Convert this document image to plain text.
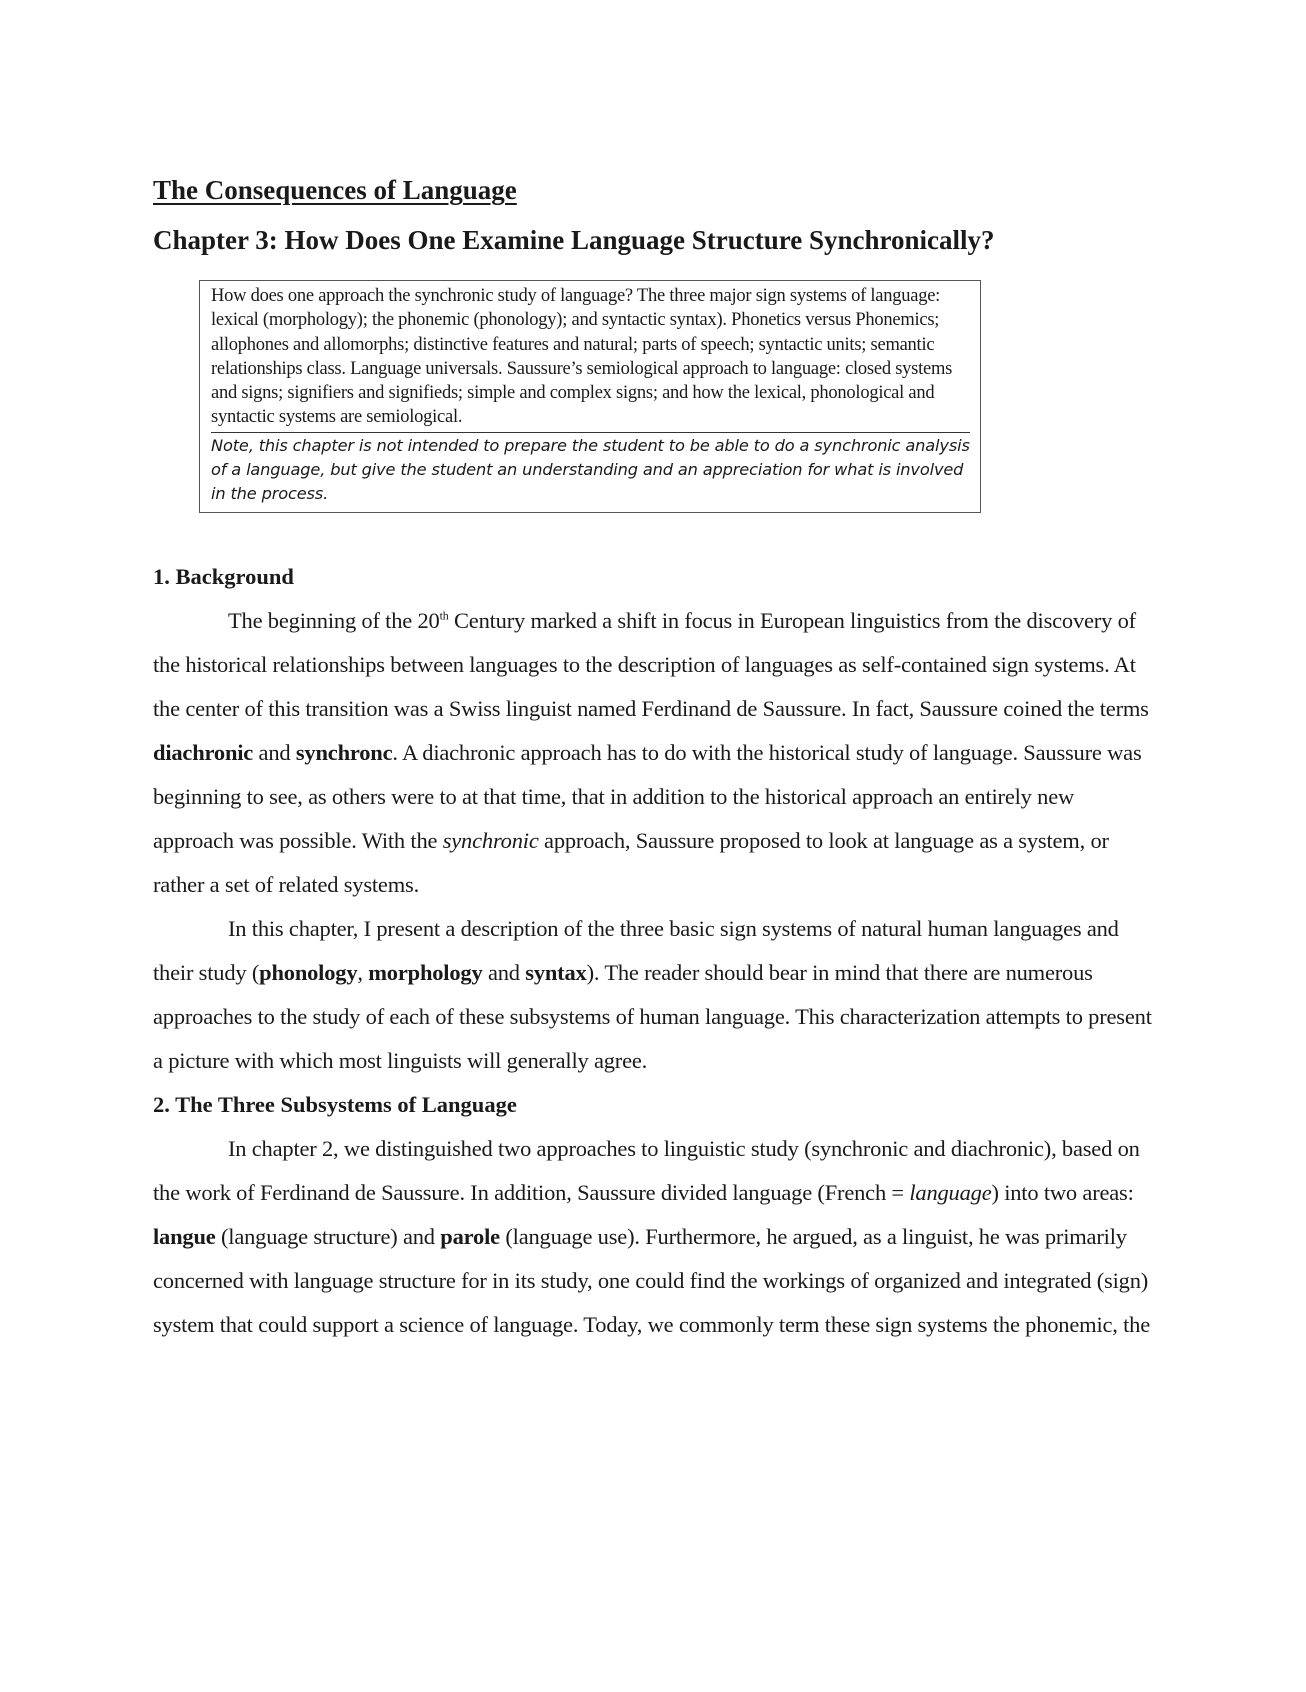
The Consequences of Language
Chapter 3: How Does One Examine Language Structure Synchronically?

How does one approach the synchronic study of language? The three major sign systems of language: lexical (morphology); the phonemic (phonology); and syntactic syntax). Phonetics versus Phonemics; allophones and allomorphs; distinctive features and natural; parts of speech; syntactic units; semantic relationships class. Language universals. Saussure’s semiological approach to language: closed systems and signs; signifiers and signifieds; simple and complex signs; and how the lexical, phonological and syntactic systems are semiological.

Note, this chapter is not intended to prepare the student to be able to do a synchronic analysis of a language, but give the student an understanding and an appreciation for what is involved in the process.

1. Background

The beginning of the 20th Century marked a shift in focus in European linguistics from the discovery of the historical relationships between languages to the description of languages as self-contained sign systems. At the center of this transition was a Swiss linguist named Ferdinand de Saussure. In fact, Saussure coined the terms diachronic and synchronc. A diachronic approach has to do with the historical study of language. Saussure was beginning to see, as others were to at that time, that in addition to the historical approach an entirely new approach was possible. With the synchronic approach, Saussure proposed to look at language as a system, or rather a set of related systems.

In this chapter, I present a description of the three basic sign systems of natural human languages and their study (phonology, morphology and syntax). The reader should bear in mind that there are numerous approaches to the study of each of these subsystems of human language. This characterization attempts to present a picture with which most linguists will generally agree.

2. The Three Subsystems of Language

In chapter 2, we distinguished two approaches to linguistic study (synchronic and diachronic), based on the work of Ferdinand de Saussure. In addition, Saussure divided language (French = language) into two areas: langue (language structure) and parole (language use). Furthermore, he argued, as a linguist, he was primarily concerned with language structure for in its study, one could find the workings of organized and integrated (sign) system that could support a science of language. Today, we commonly term these sign systems the phonemic, the
